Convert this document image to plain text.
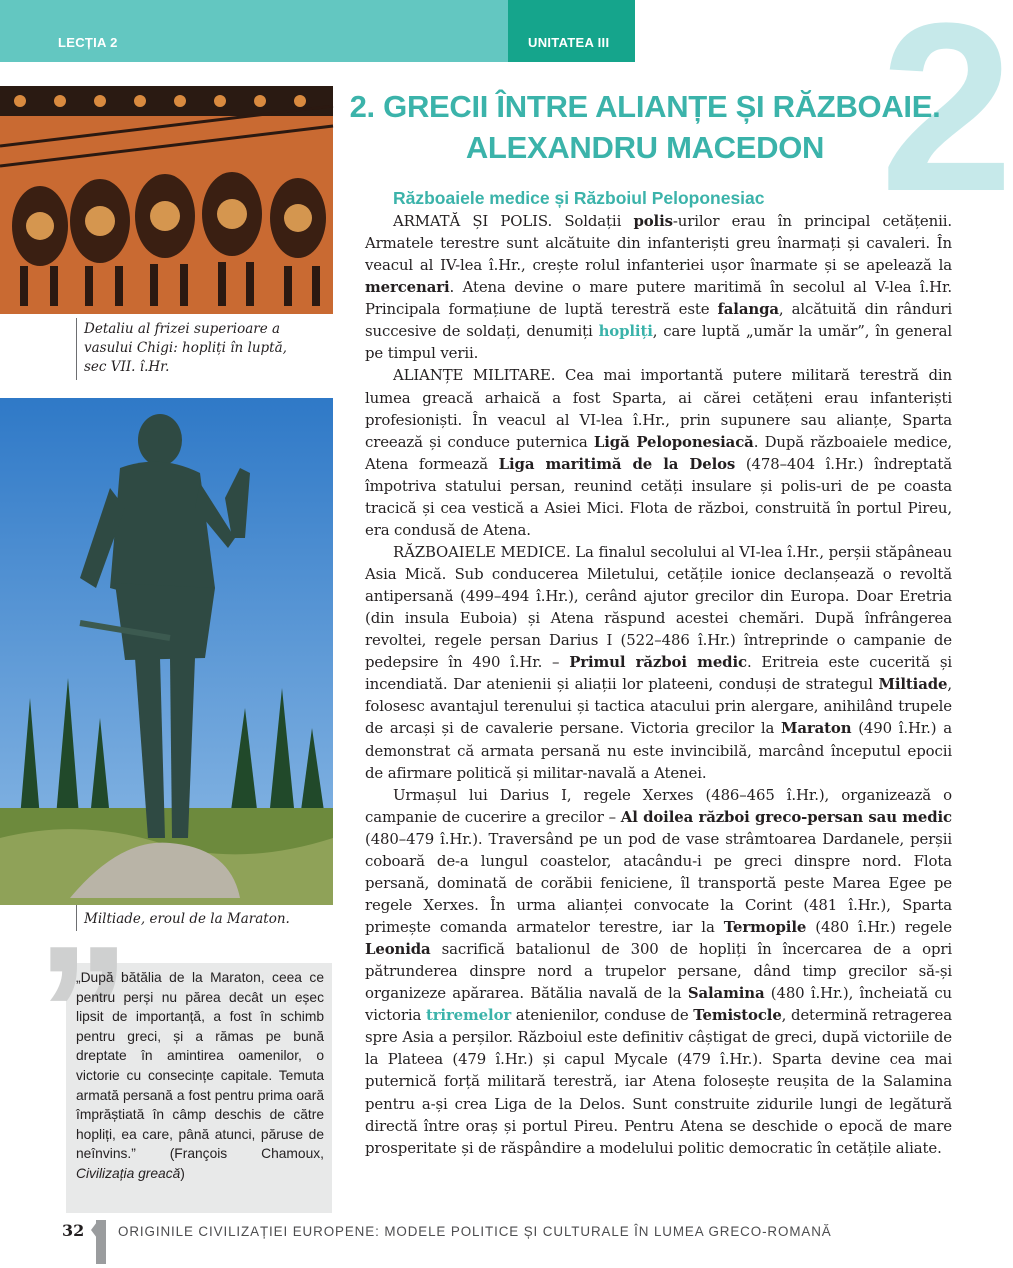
LECȚIA 2	UNITATEA III 2
2. GRECII ÎNTRE ALIANȚE ȘI RĂZBOAIE.
ALEXANDRU MACEDON
Detaliu al frizei superioare a vasului Chigi: hopliți în luptă, sec VII. î.Hr.
Miltiade, eroul de la Maraton.
”
„După bătălia de la Maraton, ceea ce pentru perși nu părea decât un eșec lipsit de importanță, a fost în schimb pentru greci, și a rămas pe bună dreptate în amintirea oamenilor, o victorie cu consecințe capitale. Temuta armată persană a fost pentru prima oară împrăștiată în câmp deschis de către hopliți, ea care, până atunci, păruse de neînvins.” (François Chamoux, Civilizația greacă)
Războaiele medice și Războiul Peloponesiac

ARMATĂ ȘI POLIS. Soldații polis-urilor erau în principal cetățenii. Armatele terestre sunt alcătuite din infanteriști greu înarmați și cavaleri. În veacul al IV-lea î.Hr., crește rolul infanteriei ușor înarmate și se apelează la mercenari. Atena devine o mare putere maritimă în secolul al V-lea î.Hr. Principala formațiune de luptă terestră este falanga, alcătuită din rânduri succesive de soldați, denumiți hopliți, care luptă „umăr la umăr”, în general pe timpul verii.

ALIANȚE MILITARE. Cea mai importantă putere militară terestră din lumea greacă arhaică a fost Sparta, ai cărei cetățeni erau infanteriști profesioniști. În veacul al VI-lea î.Hr., prin supunere sau alianțe, Sparta creează și conduce puternica Ligă Peloponesiacă. După războaiele medice, Atena formează Liga maritimă de la Delos (478–404 î.Hr.) îndreptată împotriva statului persan, reunind cetăți insulare și polis-uri de pe coasta tracică și cea vestică a Asiei Mici. Flota de război, construită în portul Pireu, era condusă de Atena.

RĂZBOAIELE MEDICE. La finalul secolului al VI-lea î.Hr., perșii stăpâneau Asia Mică. Sub conducerea Miletului, cetățile ionice declanșează o revoltă antipersană (499–494 î.Hr.), cerând ajutor grecilor din Europa. Doar Eretria (din insula Euboia) și Atena răspund acestei chemări. După înfrângerea revoltei, regele persan Darius I (522–486 î.Hr.) întreprinde o campanie de pedepsire în 490 î.Hr. – Primul război medic. Eritreia este cucerită și incendiată. Dar atenienii și aliații lor plateeni, conduși de strategul Miltiade, folosesc avantajul terenului și tactica atacului prin alergare, anihilând trupele de arcași și de cavalerie persane. Victoria grecilor la Maraton (490 î.Hr.) a demonstrat că armata persană nu este invincibilă, marcând începutul epocii de afirmare politică și militar-navală a Atenei.

Urmașul lui Darius I, regele Xerxes (486–465 î.Hr.), organizează o campanie de cucerire a grecilor – Al doilea război greco-persan sau medic (480–479 î.Hr.). Traversând pe un pod de vase strâmtoarea Dardanele, perșii coboară de-a lungul coastelor, atacându-i pe greci dinspre nord. Flota persană, dominată de corăbii feniciene, îl transportă peste Marea Egee pe regele Xerxes. În urma alianței convocate la Corint (481 î.Hr.), Sparta primește comanda armatelor terestre, iar la Termopile (480 î.Hr.) regele Leonida sacrifică batalionul de 300 de hopliți în încercarea de a opri pătrunderea dinspre nord a trupelor persane, dând timp grecilor să-și organizeze apărarea. Bătălia navală de la Salamina (480 î.Hr.), încheiată cu victoria triremelor atenienilor, conduse de Temistocle, determină retragerea spre Asia a perșilor. Războiul este definitiv câștigat de greci, după victoriile de la Plateea (479 î.Hr.) și capul Mycale (479 î.Hr.). Sparta devine cea mai puternică forță militară terestră, iar Atena folosește reușita de la Salamina pentru a-și crea Liga de la Delos. Sunt construite zidurile lungi de legătură directă între oraș și portul Pireu. Pentru Atena se deschide o epocă de mare prosperitate și de răspândire a modelului politic democratic în cetățile aliate.

32	ORIGINILE CIVILIZAȚIEI EUROPENE: MODELE POLITICE ȘI CULTURALE ÎN LUMEA GRECO-ROMANĂ
